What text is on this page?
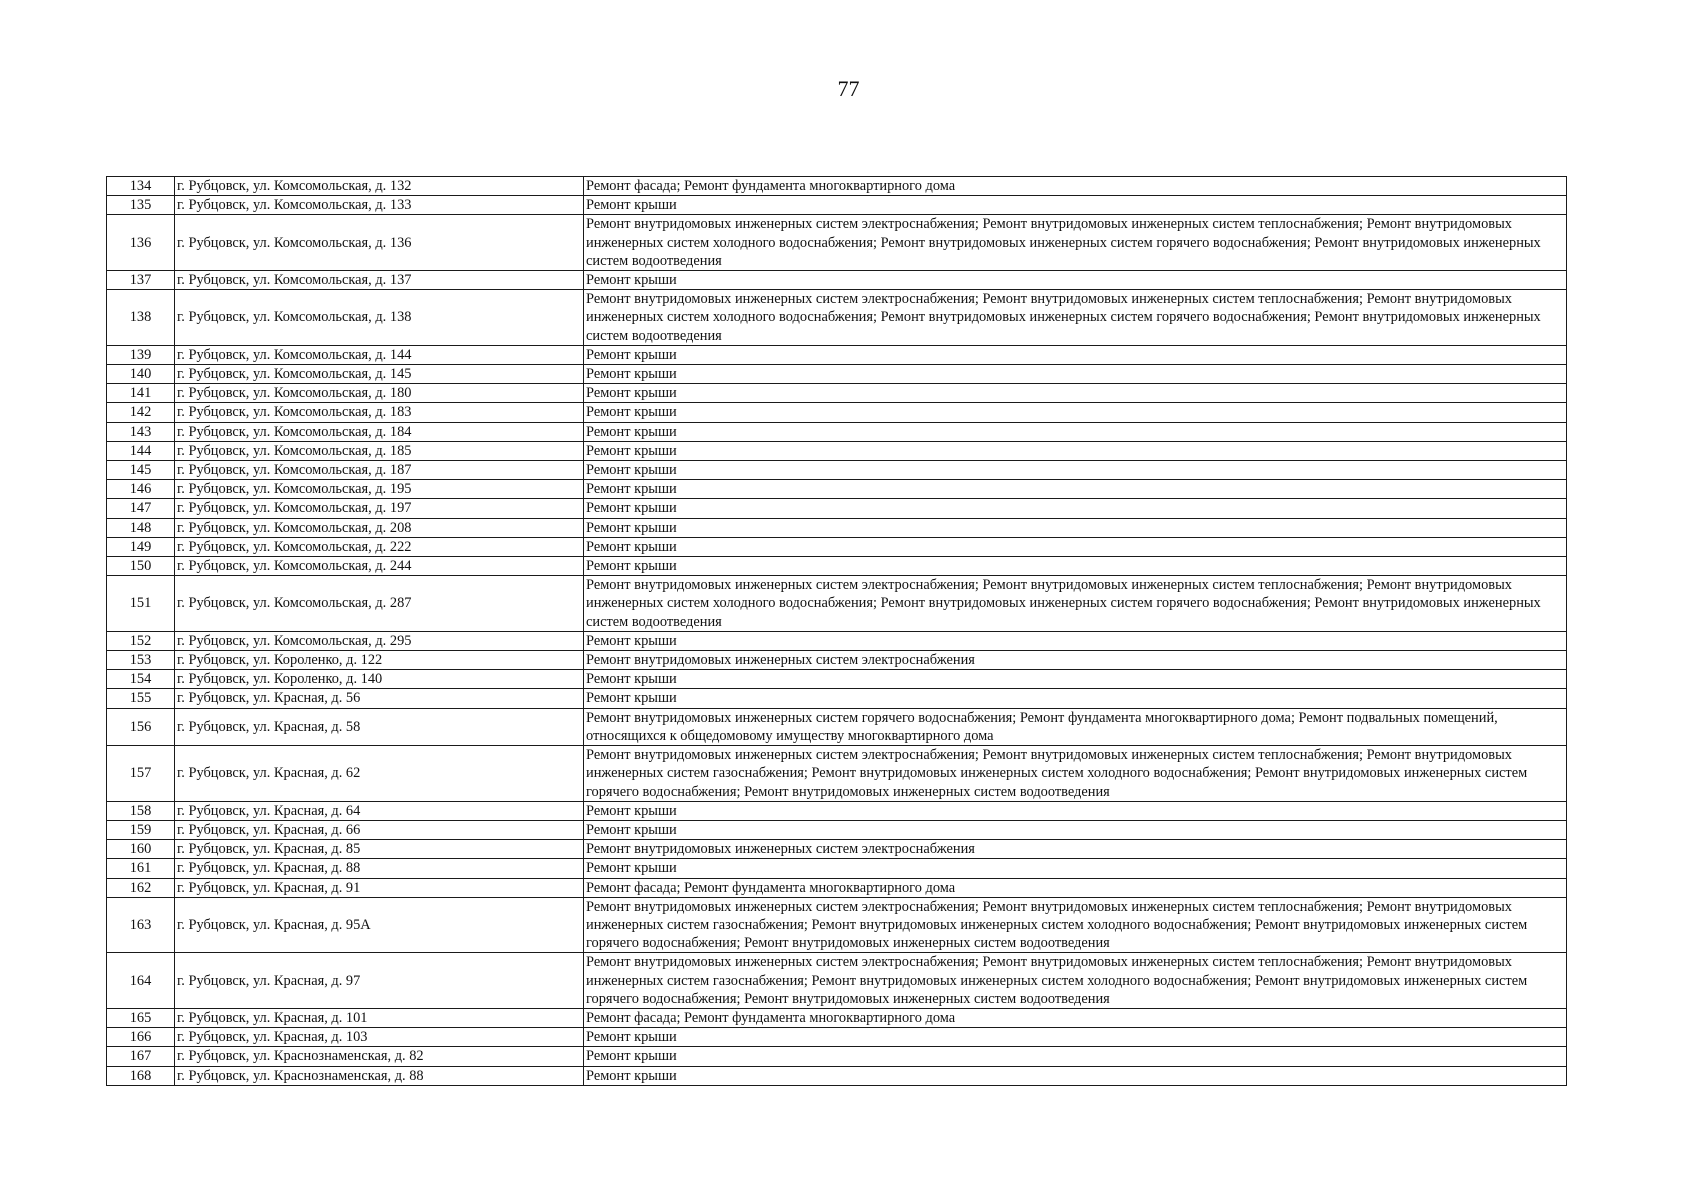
77
134	г. Рубцовск, ул. Комсомольская, д. 132	Ремонт фасада; Ремонт фундамента многоквартирного дома
135	г. Рубцовск, ул. Комсомольская, д. 133	Ремонт крыши
136	г. Рубцовск, ул. Комсомольская, д. 136	Ремонт внутридомовых инженерных систем электроснабжения; Ремонт внутридомовых инженерных систем теплоснабжения; Ремонт внутридомовых инженерных систем холодного водоснабжения; Ремонт внутридомовых инженерных систем горячего водоснабжения; Ремонт внутридомовых инженерных систем водоотведения
137	г. Рубцовск, ул. Комсомольская, д. 137	Ремонт крыши
138	г. Рубцовск, ул. Комсомольская, д. 138	Ремонт внутридомовых инженерных систем электроснабжения; Ремонт внутридомовых инженерных систем теплоснабжения; Ремонт внутридомовых инженерных систем холодного водоснабжения; Ремонт внутридомовых инженерных систем горячего водоснабжения; Ремонт внутридомовых инженерных систем водоотведения
139	г. Рубцовск, ул. Комсомольская, д. 144	Ремонт крыши
140	г. Рубцовск, ул. Комсомольская, д. 145	Ремонт крыши
141	г. Рубцовск, ул. Комсомольская, д. 180	Ремонт крыши
142	г. Рубцовск, ул. Комсомольская, д. 183	Ремонт крыши
143	г. Рубцовск, ул. Комсомольская, д. 184	Ремонт крыши
144	г. Рубцовск, ул. Комсомольская, д. 185	Ремонт крыши
145	г. Рубцовск, ул. Комсомольская, д. 187	Ремонт крыши
146	г. Рубцовск, ул. Комсомольская, д. 195	Ремонт крыши
147	г. Рубцовск, ул. Комсомольская, д. 197	Ремонт крыши
148	г. Рубцовск, ул. Комсомольская, д. 208	Ремонт крыши
149	г. Рубцовск, ул. Комсомольская, д. 222	Ремонт крыши
150	г. Рубцовск, ул. Комсомольская, д. 244	Ремонт крыши
151	г. Рубцовск, ул. Комсомольская, д. 287	Ремонт внутридомовых инженерных систем электроснабжения; Ремонт внутридомовых инженерных систем теплоснабжения; Ремонт внутридомовых инженерных систем холодного водоснабжения; Ремонт внутридомовых инженерных систем горячего водоснабжения; Ремонт внутридомовых инженерных систем водоотведения
152	г. Рубцовск, ул. Комсомольская, д. 295	Ремонт крыши
153	г. Рубцовск, ул. Короленко, д. 122	Ремонт внутридомовых инженерных систем электроснабжения
154	г. Рубцовск, ул. Короленко, д. 140	Ремонт крыши
155	г. Рубцовск, ул. Красная, д. 56	Ремонт крыши
156	г. Рубцовск, ул. Красная, д. 58	Ремонт внутридомовых инженерных систем горячего водоснабжения; Ремонт фундамента многоквартирного дома; Ремонт подвальных помещений, относящихся к общедомовому имуществу многоквартирного дома
157	г. Рубцовск, ул. Красная, д. 62	Ремонт внутридомовых инженерных систем электроснабжения; Ремонт внутридомовых инженерных систем теплоснабжения; Ремонт внутридомовых инженерных систем газоснабжения; Ремонт внутридомовых инженерных систем холодного водоснабжения; Ремонт внутридомовых инженерных систем горячего водоснабжения; Ремонт внутридомовых инженерных систем водоотведения
158	г. Рубцовск, ул. Красная, д. 64	Ремонт крыши
159	г. Рубцовск, ул. Красная, д. 66	Ремонт крыши
160	г. Рубцовск, ул. Красная, д. 85	Ремонт внутридомовых инженерных систем электроснабжения
161	г. Рубцовск, ул. Красная, д. 88	Ремонт крыши
162	г. Рубцовск, ул. Красная, д. 91	Ремонт фасада; Ремонт фундамента многоквартирного дома
163	г. Рубцовск, ул. Красная, д. 95А	Ремонт внутридомовых инженерных систем электроснабжения; Ремонт внутридомовых инженерных систем теплоснабжения; Ремонт внутридомовых инженерных систем газоснабжения; Ремонт внутридомовых инженерных систем холодного водоснабжения; Ремонт внутридомовых инженерных систем горячего водоснабжения; Ремонт внутридомовых инженерных систем водоотведения
164	г. Рубцовск, ул. Красная, д. 97	Ремонт внутридомовых инженерных систем электроснабжения; Ремонт внутридомовых инженерных систем теплоснабжения; Ремонт внутридомовых инженерных систем газоснабжения; Ремонт внутридомовых инженерных систем холодного водоснабжения; Ремонт внутридомовых инженерных систем горячего водоснабжения; Ремонт внутридомовых инженерных систем водоотведения
165	г. Рубцовск, ул. Красная, д. 101	Ремонт фасада; Ремонт фундамента многоквартирного дома
166	г. Рубцовск, ул. Красная, д. 103	Ремонт крыши
167	г. Рубцовск, ул. Краснознаменская, д. 82	Ремонт крыши
168	г. Рубцовск, ул. Краснознаменская, д. 88	Ремонт крыши
